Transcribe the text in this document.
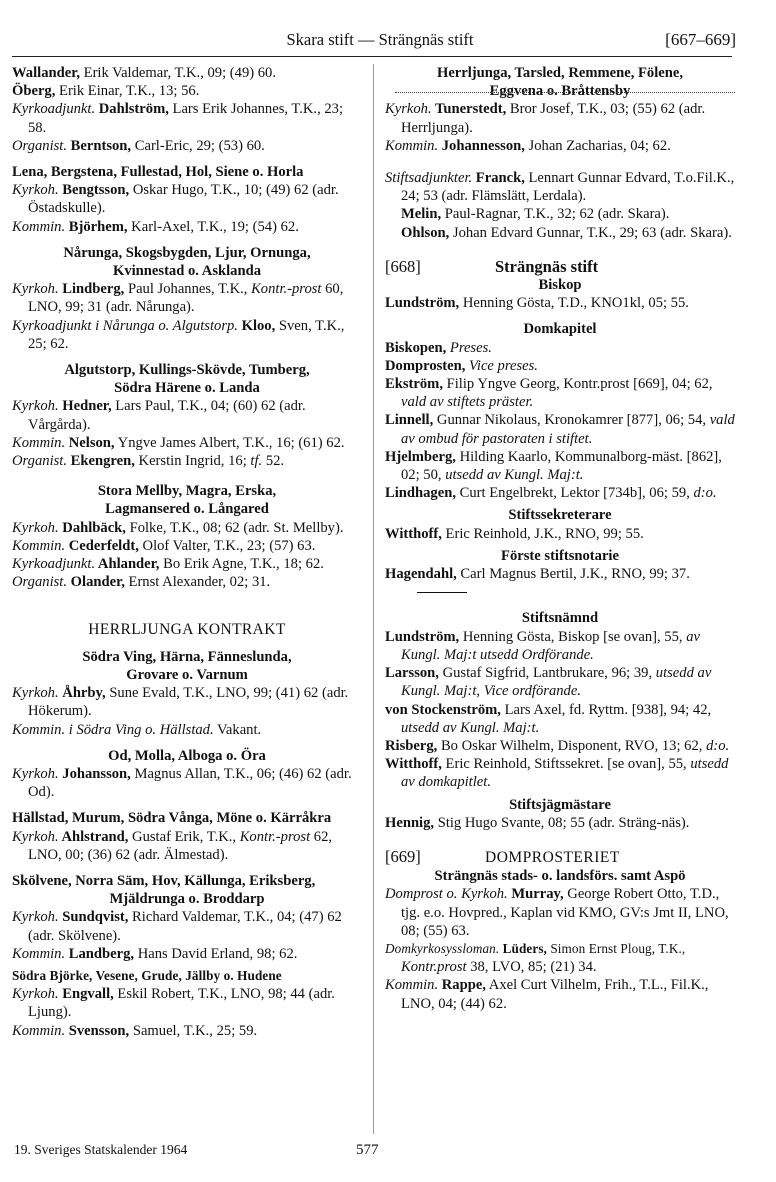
Skara stift — Strängnäs stift	[667–669]

Wallander, Erik Valdemar, T.K., 09; (49) 60.

Öberg, Erik Einar, T.K., 13; 56.

Kyrkoadjunkt. Dahlström, Lars Erik Johannes, T.K., 23; 58.

Organist. Berntson, Carl-Eric, 29; (53) 60.

Lena, Bergstena, Fullestad, Hol, Siene o. Horla

Kyrkoh. Bengtsson, Oskar Hugo, T.K., 10; (49) 62 (adr. Östadskulle).

Kommin. Björhem, Karl-Axel, T.K., 19; (54) 62.

Nårunga, Skogsbygden, Ljur, Ornunga,

Kvinnestad o. Asklanda

Kyrkoh. Lindberg, Paul Johannes, T.K., Kontr.-prost 60, LNO, 99; 31 (adr. Nårunga).

Kyrkoadjunkt i Nårunga o. Algutstorp. Kloo, Sven, T.K., 25; 62.

Algutstorp, Kullings-Skövde, Tumberg,

Södra Härene o. Landa

Kyrkoh. Hedner, Lars Paul, T.K., 04; (60) 62 (adr. Vårgårda).

Kommin. Nelson, Yngve James Albert, T.K., 16; (61) 62.

Organist. Ekengren, Kerstin Ingrid, 16; tf. 52.

Stora Mellby, Magra, Erska,

Lagmansered o. Långared

Kyrkoh. Dahlbäck, Folke, T.K., 08; 62 (adr. St. Mellby).

Kommin. Cederfeldt, Olof Valter, T.K., 23; (57) 63.

Kyrkoadjunkt. Ahlander, Bo Erik Agne, T.K., 18; 62.

Organist. Olander, Ernst Alexander, 02; 31.

HERRLJUNGA KONTRAKT

Södra Ving, Härna, Fänneslunda,

Grovare o. Varnum

Kyrkoh. Åhrby, Sune Evald, T.K., LNO, 99; (41) 62 (adr. Hökerum).

Kommin. i Södra Ving o. Hällstad. Vakant.

Od, Molla, Alboga o. Öra

Kyrkoh. Johansson, Magnus Allan, T.K., 06; (46) 62 (adr. Od).

Hällstad, Murum, Södra Vånga, Möne o. Kärråkra

Kyrkoh. Ahlstrand, Gustaf Erik, T.K., Kontr.-prost 62, LNO, 00; (36) 62 (adr. Älmestad).

Skölvene, Norra Säm, Hov, Källunga, Eriksberg,

Mjäldrunga o. Broddarp

Kyrkoh. Sundqvist, Richard Valdemar, T.K., 04; (47) 62 (adr. Skölvene).

Kommin. Landberg, Hans David Erland, 98; 62.

Södra Björke, Vesene, Grude, Jällby o. Hudene

Kyrkoh. Engvall, Eskil Robert, T.K., LNO, 98; 44 (adr. Ljung).

Kommin. Svensson, Samuel, T.K., 25; 59.

Herrljunga, Tarsled, Remmene, Fölene,

Eggvena o. Bråttensby

Kyrkoh. Tunerstedt, Bror Josef, T.K., 03; (55) 62 (adr. Herrljunga).

Kommin. Johannesson, Johan Zacharias, 04; 62.

Stiftsadjunkter. Franck, Lennart Gunnar Edvard, T.o.Fil.K., 24; 53 (adr. Flämslätt, Lerdala).

Melin, Paul-Ragnar, T.K., 32; 62 (adr. Skara).

Ohlson, Johan Edvard Gunnar, T.K., 29; 63 (adr. Skara).

[668]	Strängnäs stift

Biskop

Lundström, Henning Gösta, T.D., KNO1kl, 05; 55.

Domkapitel

Biskopen, Preses.

Domprosten, Vice preses.

Ekström, Filip Yngve Georg, Kontr.prost [669], 04; 62, vald av stiftets präster.

Linnell, Gunnar Nikolaus, Kronokamrer [877], 06; 54, vald av ombud för pastoraten i stiftet.

Hjelmberg, Hilding Kaarlo, Kommunalborg-mäst. [862], 02; 50, utsedd av Kungl. Maj:t.

Lindhagen, Curt Engelbrekt, Lektor [734b], 06; 59, d:o.

Stiftssekreterare

Witthoff, Eric Reinhold, J.K., RNO, 99; 55.

Förste stiftsnotarie

Hagendahl, Carl Magnus Bertil, J.K., RNO, 99; 37.

Stiftsnämnd

Lundström, Henning Gösta, Biskop [se ovan], 55, av Kungl. Maj:t utsedd Ordförande.

Larsson, Gustaf Sigfrid, Lantbrukare, 96; 39, utsedd av Kungl. Maj:t, Vice ordförande.

von Stockenström, Lars Axel, fd. Ryttm. [938], 94; 42, utsedd av Kungl. Maj:t.

Risberg, Bo Oskar Wilhelm, Disponent, RVO, 13; 62, d:o.

Witthoff, Eric Reinhold, Stiftssekret. [se ovan], 55, utsedd av domkapitlet.

Stiftsjägmästare

Hennig, Stig Hugo Svante, 08; 55 (adr. Sträng-näs).

[669]	DOMPROSTERIET

Strängnäs stads- o. landsförs. samt Aspö

Domprost o. Kyrkoh. Murray, George Robert Otto, T.D., tjg. e.o. Hovpred., Kaplan vid KMO, GV:s Jmt II, LNO, 08; (55) 63.

Domkyrkosyssloman. Lüders, Simon Ernst Ploug, T.K., Kontr.prost 38, LVO, 85; (21) 34.

Kommin. Rappe, Axel Curt Vilhelm, Frih., T.L., Fil.K., LNO, 04; (44) 62.

19. Sveriges Statskalender 1964	577
